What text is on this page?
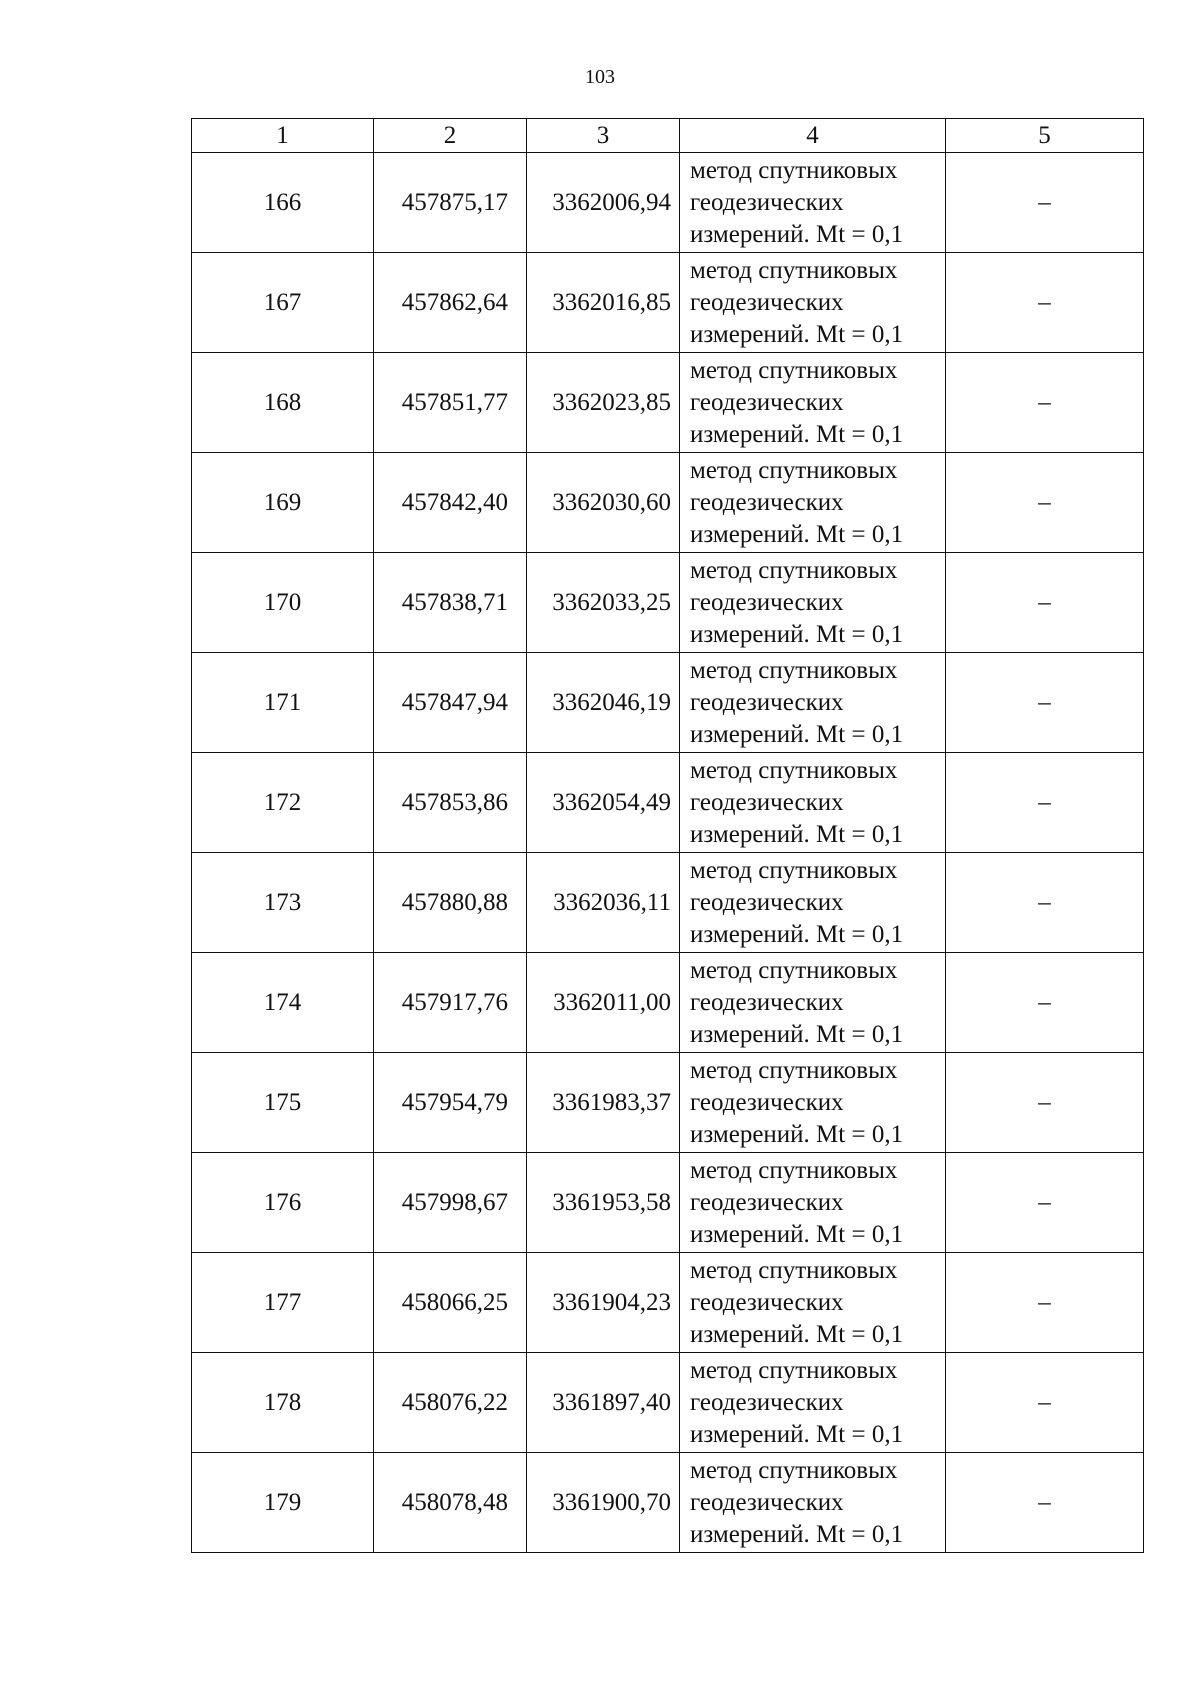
103
1	2	3	4	5
166	457875,17	3362006,94	метод спутниковых
геодезических
измерений. Mt = 0,1	–
167	457862,64	3362016,85	метод спутниковых
геодезических
измерений. Mt = 0,1	–
168	457851,77	3362023,85	метод спутниковых
геодезических
измерений. Mt = 0,1	–
169	457842,40	3362030,60	метод спутниковых
геодезических
измерений. Mt = 0,1	–
170	457838,71	3362033,25	метод спутниковых
геодезических
измерений. Mt = 0,1	–
171	457847,94	3362046,19	метод спутниковых
геодезических
измерений. Mt = 0,1	–
172	457853,86	3362054,49	метод спутниковых
геодезических
измерений. Mt = 0,1	–
173	457880,88	3362036,11	метод спутниковых
геодезических
измерений. Mt = 0,1	–
174	457917,76	3362011,00	метод спутниковых
геодезических
измерений. Mt = 0,1	–
175	457954,79	3361983,37	метод спутниковых
геодезических
измерений. Mt = 0,1	–
176	457998,67	3361953,58	метод спутниковых
геодезических
измерений. Mt = 0,1	–
177	458066,25	3361904,23	метод спутниковых
геодезических
измерений. Mt = 0,1	–
178	458076,22	3361897,40	метод спутниковых
геодезических
измерений. Mt = 0,1	–
179	458078,48	3361900,70	метод спутниковых
геодезических
измерений. Mt = 0,1	–
